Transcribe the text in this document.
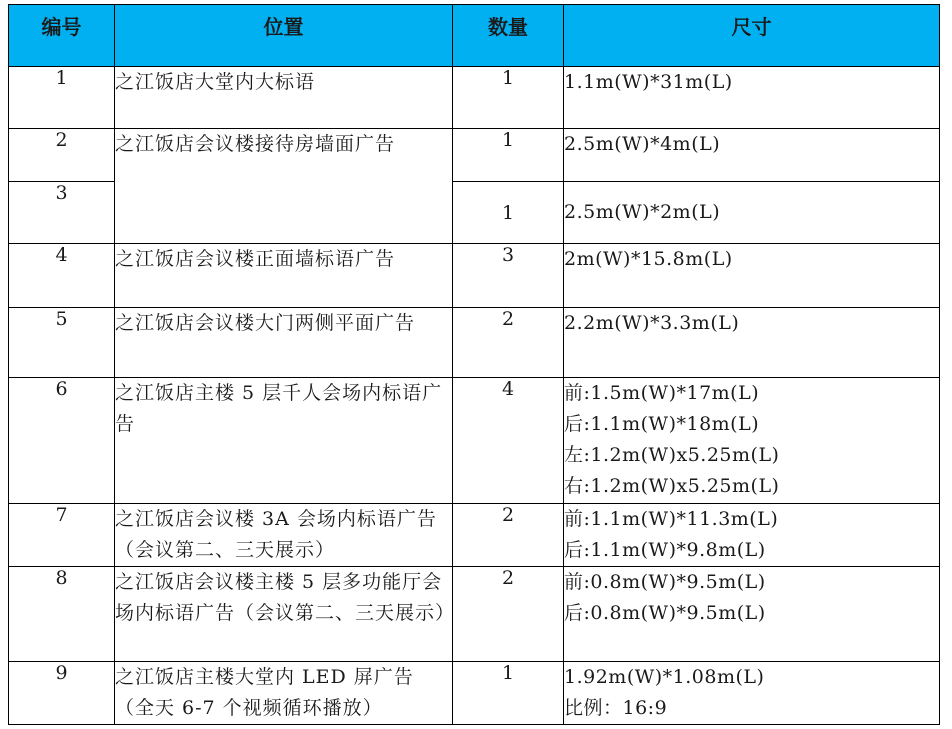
编号	位置	数量	尺寸
1	之江饭店大堂内大标语	1	1.1m(W)*31m(L)

2	之江饭店会议楼接待房墙面广告	1	2.5m(W)*4m(L)

3		1	2.5m(W)*2m(L)

4	之江饭店会议楼正面墙标语广告	3	2m(W)*15.8m(L)

5	之江饭店会议楼大门两侧平面广告	2	2.2m(W)*3.3m(L)

6	之江饭店主楼 5 层千人会场内标语广告	4	前:1.5m(W)*17m(L)
后:1.1m(W)*18m(L)
左:1.2m(W)x5.25m(L)
右:1.2m(W)x5.25m(L)

7	之江饭店会议楼 3A 会场内标语广告（会议第二、三天展示）	2	前:1.1m(W)*11.3m(L)
后:1.1m(W)*9.8m(L)

8	之江饭店会议楼主楼 5 层多功能厅会场内标语广告（会议第二、三天展示）	2	前:0.8m(W)*9.5m(L)
后:0.8m(W)*9.5m(L)

9	之江饭店主楼大堂内 LED 屏广告（全天 6-7 个视频循环播放）	1	1.92m(W)*1.08m(L)
比例：16:9
